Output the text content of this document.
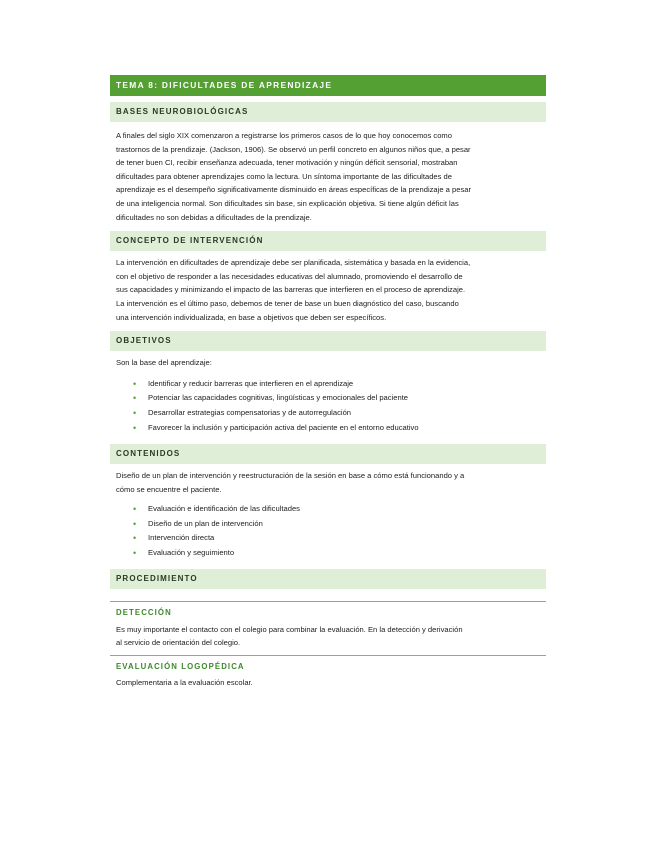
TEMA 8: DIFICULTADES DE APRENDIZAJE
BASES NEUROBIOLÓGICAS

A finales del siglo XIX comenzaron a registrarse los primeros casos de lo que hoy conocemos como

trastornos de la prendizaje. (Jackson, 1906). Se observó un perfil concreto en algunos niños que, a pesar

de tener buen CI, recibir enseñanza adecuada, tener motivación y ningún déficit sensorial, mostraban

dificultades para obtener aprendizajes como la lectura. Un síntoma importante de las dificultades de

aprendizaje es el desempeño significativamente disminuido en áreas específicas de la prendizaje a pesar

de una inteligencia normal. Son dificultades sin base, sin explicación objetiva. Si tiene algún déficit las

dificultades no son debidas a dificultades de la prendizaje.

CONCEPTO DE INTERVENCIÓN

La intervención en dificultades de aprendizaje debe ser planificada, sistemática y basada en la evidencia,

con el objetivo de responder a las necesidades educativas del alumnado, promoviendo el desarrollo de

sus capacidades y minimizando el impacto de las barreras que interfieren en el proceso de aprendizaje.

La intervención es el último paso, debemos de tener de base un buen diagnóstico del caso, buscando

una intervención individualizada, en base a objetivos que deben ser específicos.

OBJETIVOS

Son la base del aprendizaje:

• Identificar y reducir barreras que interfieren en el aprendizaje
• Potenciar las capacidades cognitivas, lingüísticas y emocionales del paciente
• Desarrollar estrategias compensatorias y de autorregulación
• Favorecer la inclusión y participación activa del paciente en el entorno educativo
CONTENIDOS

Diseño de un plan de intervención y reestructuración de la sesión en base a cómo está funcionando y a

cómo se encuentre el paciente.

• Evaluación e identificación de las dificultades
• Diseño de un plan de intervención
• Intervención directa
• Evaluación y seguimiento
PROCEDIMIENTO
DETECCIÓN

Es muy importante el contacto con el colegio para combinar la evaluación. En la detección y derivación

al servicio de orientación del colegio.

EVALUACIÓN LOGOPÉDICA

Complementaria a la evaluación escolar.
